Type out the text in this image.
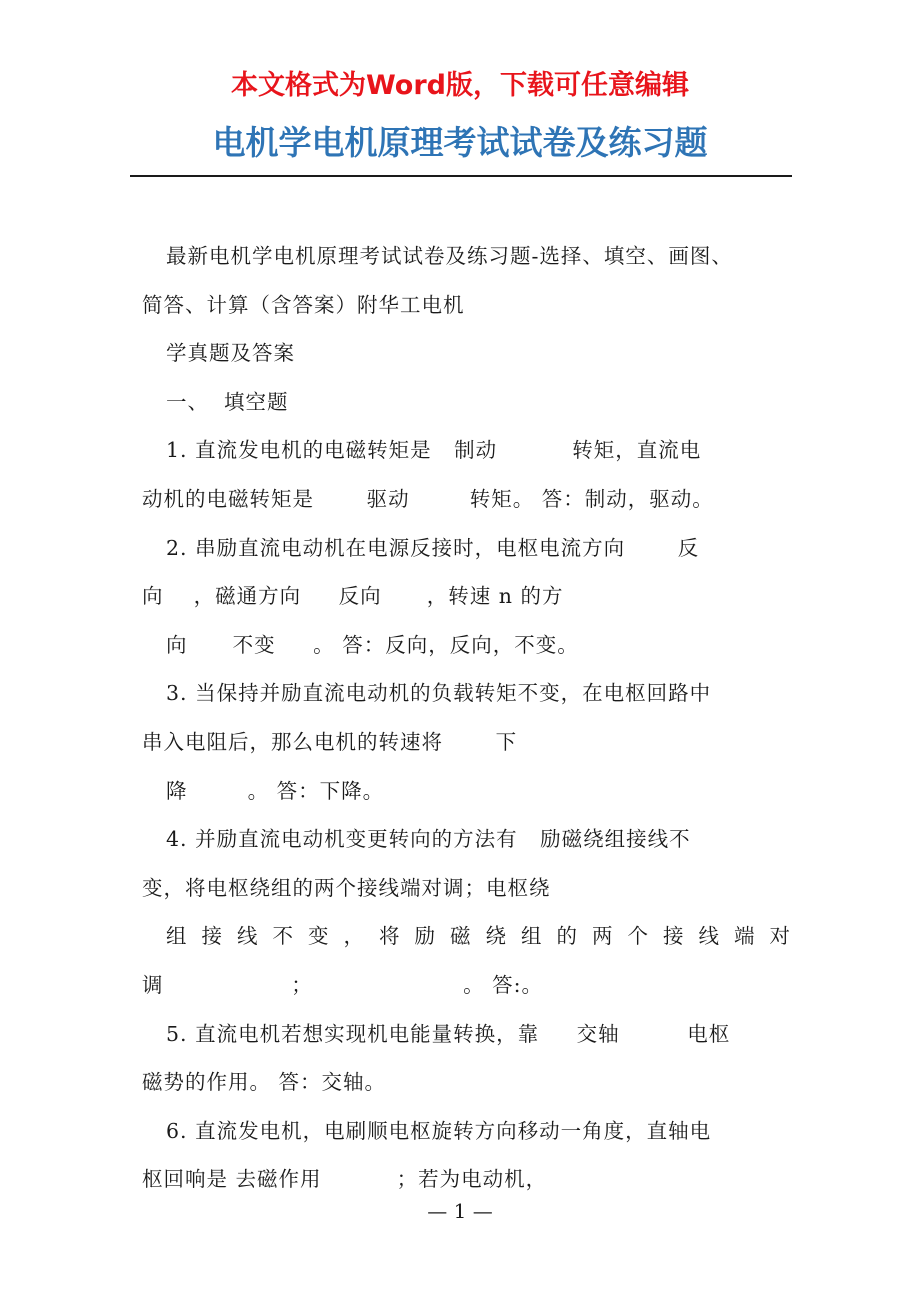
本文格式为Word版，下载可任意编辑
电机学电机原理考试试卷及练习题

最新电机学电机原理考试试卷及练习题-选择、填空、画图、

简答、计算（含答案）附华工电机

学真题及答案

一、  填空题

1. 直流发电机的电磁转矩是   制动          转矩，直流电

动机的电磁转矩是       驱动        转矩。 答：制动，驱动。

2. 串励直流电动机在电源反接时，电枢电流方向       反

向    ，磁通方向     反向      ，转速 n 的方

向      不变     。 答：反向，反向，不变。

3. 当保持并励直流电动机的负载转矩不变，在电枢回路中

串入电阻后，那么电机的转速将       下

降        。 答：下降。

4. 并励直流电动机变更转向的方法有   励磁绕组接线不

变，将电枢绕组的两个接线端对调；电枢绕

组接线不变，将励磁绕组的两个接线端对

调                 ；                    。 答:。

5. 直流电机若想实现机电能量转换，靠     交轴         电枢

磁势的作用。 答：交轴。

6. 直流发电机，电刷顺电枢旋转方向移动一角度，直轴电

枢回响是 去磁作用          ；若为电动机，

— 1 —
